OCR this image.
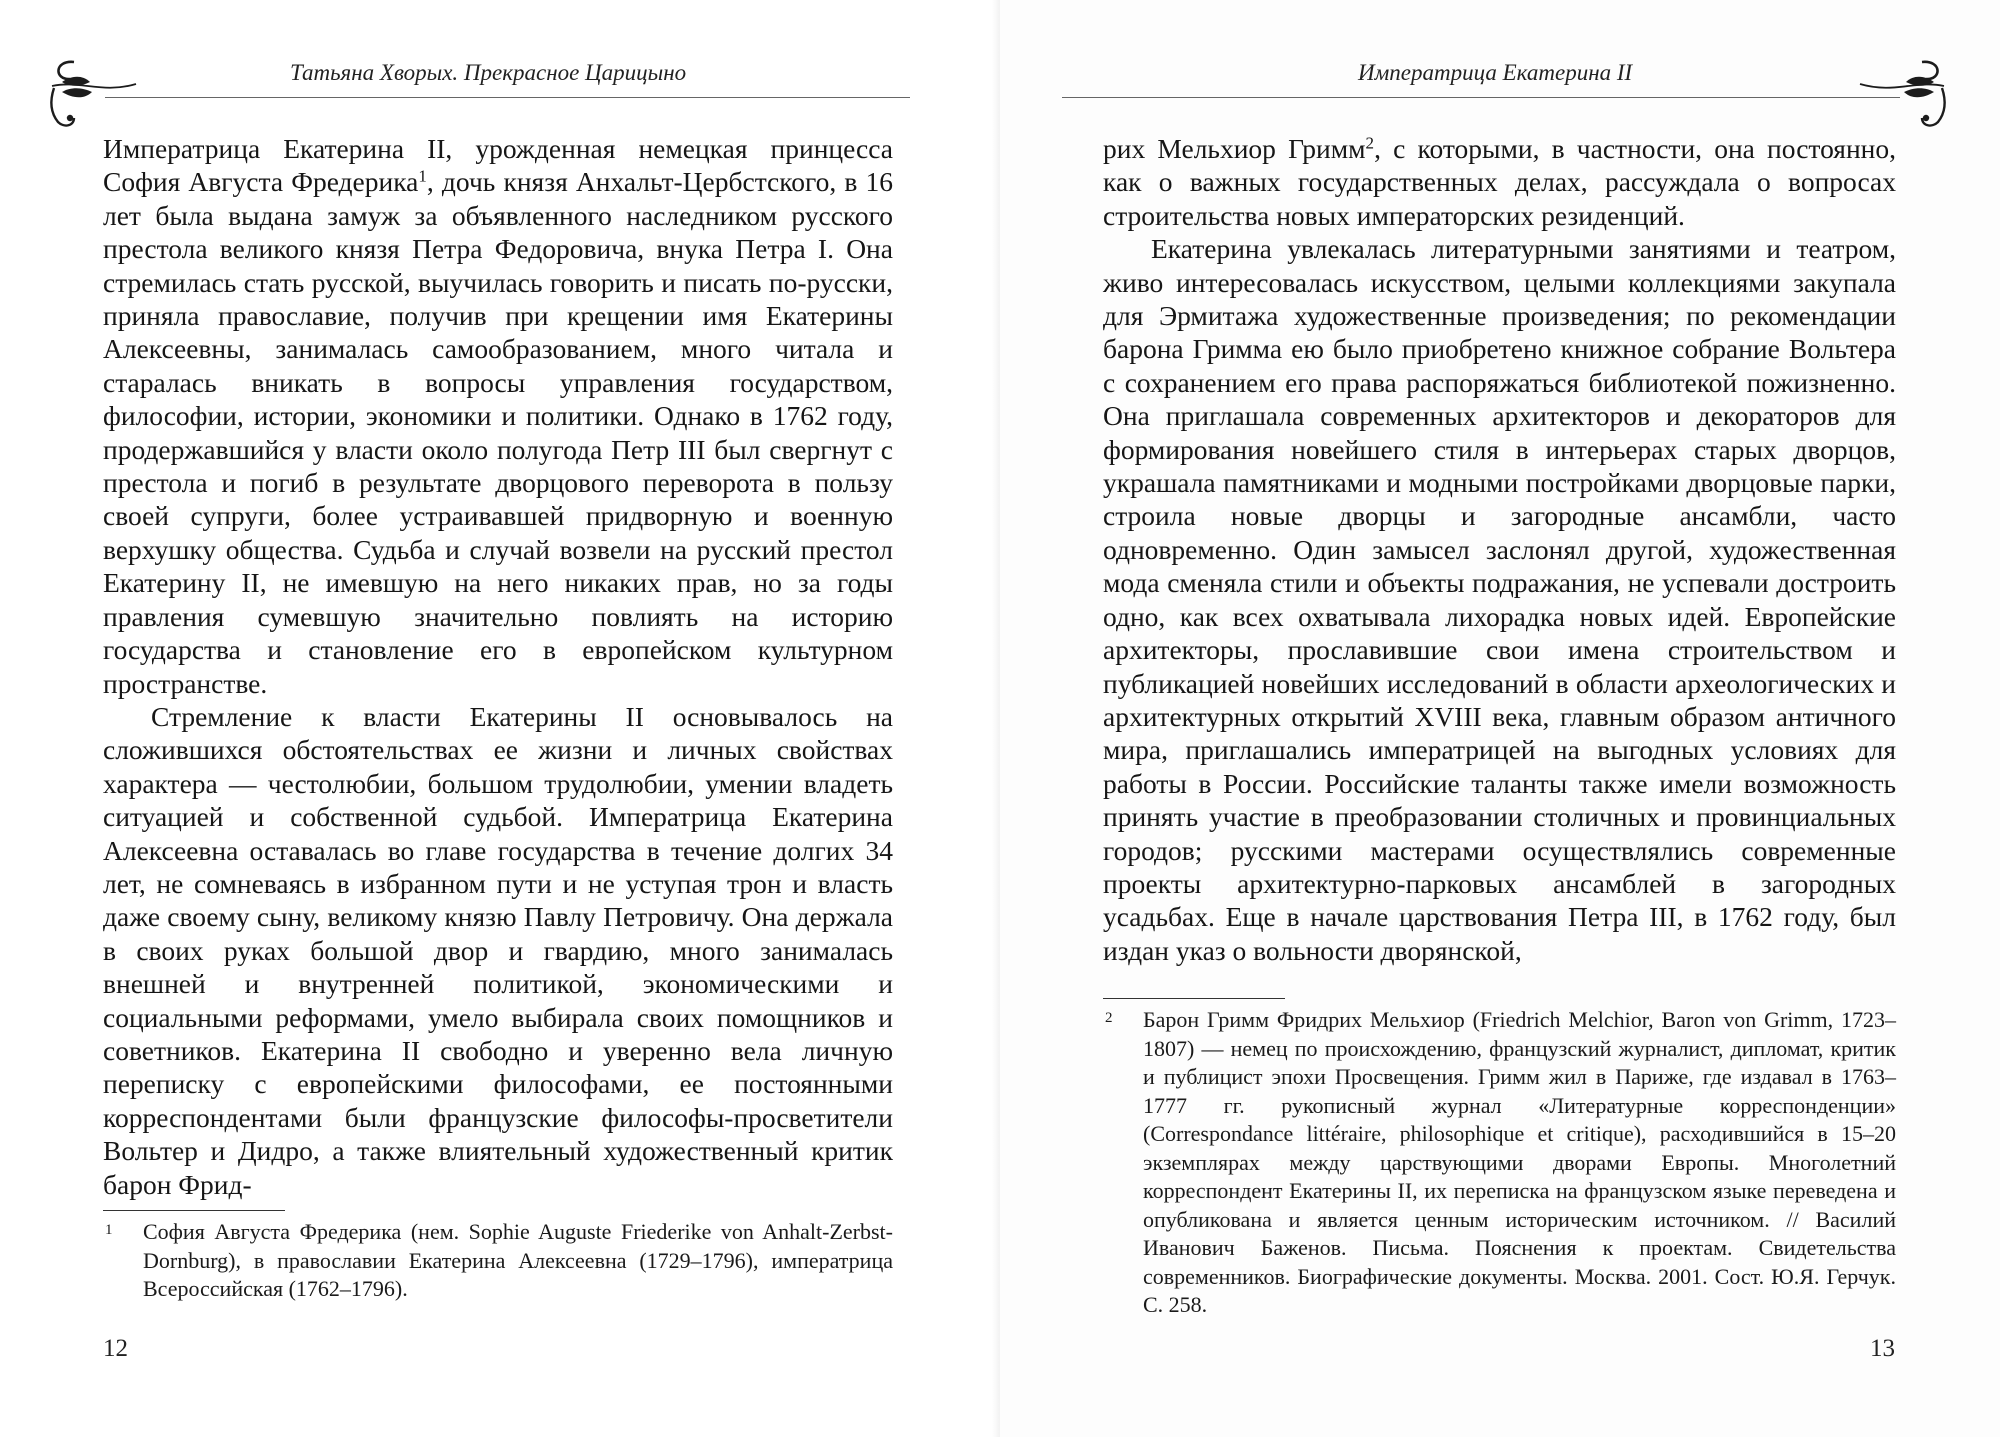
Татьяна Хворых. Прекрасное Царицыно

Императрица Екатерина II, урожденная немецкая принцесса София Августа Фредерика$^1$, дочь князя Анхальт-Цербстского, в 16 лет была выдана замуж за объявленного наследником русского престола великого князя Петра Федоровича, внука Петра I. Она стремилась стать русской, выучилась говорить и писать по-русски, приняла православие, получив при крещении имя Екатерины Алексеевны, занималась самообразованием, много читала и старалась вникать в вопросы управления государством, философии, истории, экономики и политики. Однако в 1762 году, продержавшийся у власти около полугода Петр III был свергнут с престола и погиб в результате дворцового переворота в пользу своей супруги, более устраивавшей придворную и военную верхушку общества. Судьба и случай возвели на русский престол Екатерину II, не имевшую на него никаких прав, но за годы правления сумевшую значительно повлиять на историю государства и становление его в европейском культурном пространстве.

Стремление к власти Екатерины II основывалось на сложившихся обстоятельствах ее жизни и личных свойствах характера — честолюбии, большом трудолюбии, умении владеть ситуацией и собственной судьбой. Императрица Екатерина Алексеевна оставалась во главе государства в течение долгих 34 лет, не сомневаясь в избранном пути и не уступая трон и власть даже своему сыну, великому князю Павлу Петровичу. Она держала в своих руках большой двор и гвардию, много занималась внешней и внутренней политикой, экономическими и социальными реформами, умело выбирала своих помощников и советников. Екатерина II свободно и уверенно вела личную переписку с европейскими философами, ее постоянными корреспондентами были французские философы-просветители Вольтер и Дидро, а также влиятельный художественный критик барон Фрид-

1 София Августа Фредерика (нем. Sophie Auguste Friederike von Anhalt-Zerbst-Dornburg), в православии Екатерина Алексеевна (1729–1796), императрица Всероссийская (1762–1796).
12
Императрица Екатерина II

рих Мельхиор Гримм$^2$, с которыми, в частности, она постоянно, как о важных государственных делах, рассуждала о вопросах строительства новых императорских резиденций.

Екатерина увлекалась литературными занятиями и театром, живо интересовалась искусством, целыми коллекциями закупала для Эрмитажа художественные произведения; по рекомендации барона Гримма ею было приобретено книжное собрание Вольтера с сохранением его права распоряжаться библиотекой пожизненно. Она приглашала современных архитекторов и декораторов для формирования новейшего стиля в интерьерах старых дворцов, украшала памятниками и модными постройками дворцовые парки, строила новые дворцы и загородные ансамбли, часто одновременно. Один замысел заслонял другой, художественная мода сменяла стили и объекты подражания, не успевали достроить одно, как всех охватывала лихорадка новых идей. Европейские архитекторы, прославившие свои имена строительством и публикацией новейших исследований в области археологических и архитектурных открытий XVIII века, главным образом античного мира, приглашались императрицей на выгодных условиях для работы в России. Российские таланты также имели возможность принять участие в преобразовании столичных и провинциальных городов; русскими мастерами осуществлялись современные проекты архитектурно-парковых ансамблей в загородных усадьбах. Еще в начале царствования Петра III, в 1762 году, был издан указ о вольности дворянской,

2 Барон Гримм Фридрих Мельхиор (Friedrich Melchior, Baron von Grimm, 1723–1807) — немец по происхождению, французский журналист, дипломат, критик и публицист эпохи Просвещения. Гримм жил в Париже, где издавал в 1763–1777 гг. рукописный журнал «Литературные корреспонденции» (Correspondance littéraire, philosophique et critique), расходившийся в 15–20 экземплярах между царствующими дворами Европы. Многолетний корреспондент Екатерины II, их переписка на французском языке переведена и опубликована и является ценным историческим источником. // Василий Иванович Баженов. Письма. Пояснения к проектам. Свидетельства современников. Биографические документы. Москва. 2001. Сост. Ю.Я. Герчук. С. 258.
13
